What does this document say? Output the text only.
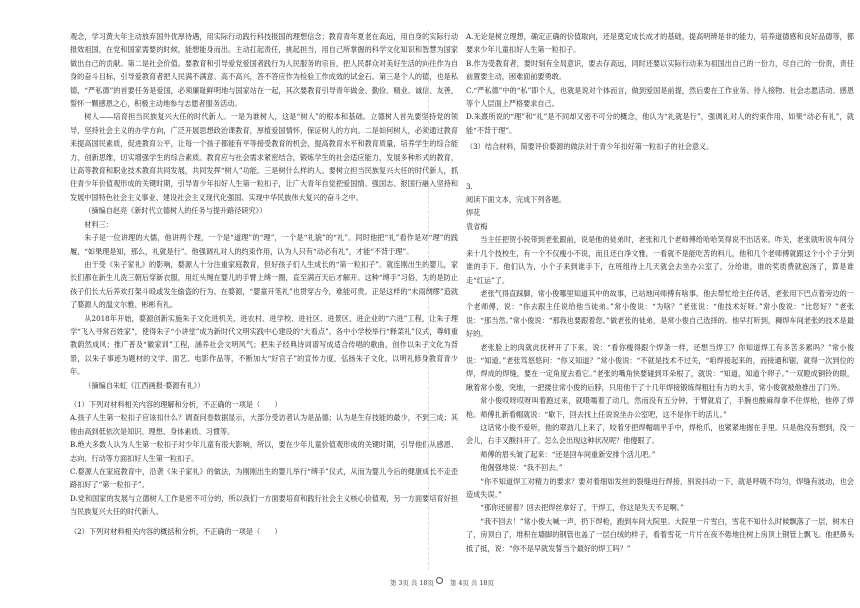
观念，学习黄大年主动放弃国外优厚待遇，用实际行动践行科技报国的理想信念；教育青年夏老在高远，用自身的实际行动报效祖国，在党和国家需要的时候，能想能身而出。主动扛起责任，挑起担当，用自己所掌握的科学文化知识和智慧为国家做出自己的贡献。第二是社会价值。要教育和引导爱党爱国者践行为人民服务的宗旨，把人民群众对美好生活的向往作为自身的奋斗目标，引导爱教育者把人民满不满意、高不高兴，答不答应作为检验工作成效的试金石。第三是个人的德，也是私德，“严私德”的首要任务是爱国，必须廉耻鲜明地与国家站在一起，其次要教育引导青年做金、勤俭、精业、诚信、友善，誓怀一颗感恩之心，积极主动地参与志愿者服务活动。

树人——培育担当民族复兴大任的时代新人。一是为谁树人，这是“树人”的根本和基础。立德树人首先要坚持党的领导，坚持社会主义的办学方向，广泛开展思想政治课教育，厚植爱国情怀，保证树人的方向。二是如何树人，必须通过教育来提高国民素质，促进教育公平，让每一个孩子都能有平等接受教育的机会，提高教育水平和教育质量，培养学生的综合能力、创新思维，切实增强学生的综合素质。教育应与社会需求紧密结合，锻炼学生的社会适应能力，发展多种形式的教育，让高等教育和职业技术教育共同发展，共同发挥“树人”功能。三是树什么样的人。要树立担当民族复兴大任的时代新人，抓住青少年价值观形成的关键时期，引导青少年扣好人生第一粒扣子，让广大青年自觉把爱国情、强国志、报国行融入坚持和发展中国特色社会主义事业、建设社会主义现代化强国、实现中华民族伟大复兴的奋斗之中。

（摘编自赵亮《新时代立德树人的任务与提升路径研究》）

材料三：

朱子是一位讲理的大儒，他讲两个理，一个是“道理”的“理”，一个是“礼貌”的“礼”。同时他把“礼”看作是对“理”的践履，“如果理是知，那么，礼就是行”。他强调礼对人的约束作用，认为人只有“动必有礼”，才能“不背于理”。

由于受《朱子家礼》的影响，婺源人十分注重家庭教育，但好孩子们人生成长的“第一粒扣子”。就连刚出生的婴儿，家长们都在新生儿洗三朝后穿新衣服，用红头绳在婴儿的手臂上缚一圈，直至满百天后才解开。这种“缚手”习俗，为的是防止孩子们长大后养欢打架斗殴或发生偷盗的行为。在婺源，“婴童开笔礼”也贯穿古今，难能可贵。正是这样的“未雨绸缪”造就了婺源人的温文尔雅、彬彬有礼。

从2018年开始，婺源创新实施朱子文化进机关、进农村、进学校、进社区、进景区、进企业的“六进”工程，让朱子理学“飞入寻常百姓家”，使得朱子“小讲堂”成为新时代文明实践中心建设的“大看点”。各中小学校举行“释菜礼”仪式，尊师重教蔚然成风；推广普及“徽家训”工程，涵养社会文明风气；把朱子经典诗词谱写成适合传唱的歌曲，创作以朱子文化为背景，以朱子事迹为题材的文学、面艺、电影作品等，不断加大“好官子”的宣传力度，弘扬朱子文化，以明礼修身教育青少年。

（摘编自朱虹《江西画报·婺源有礼》）

（1）下列对材料相关内容的理解和分析，不正确的一项是（　　）

A.孩子人生第一粒扣子应该扣什么？调查问卷数据显示，大部分受访者认为是品德；认为是生存技能的最少，不到三成；其他由高到低依次是知识、理想、身体素质、习惯等。

B.绝大多数人认为人生第一粒扣子对少年儿童有很大影响，所以，要在少年儿童价值观形成的关键时期，引导他们从感恩、志向、行动等方面扣好人生第一粒扣子。

C.婺源人在家庭教育中，沿袭《朱子家礼》的做法，为刚刚出生的婴儿举行“缚手”仪式，从而为婴儿今后的健康成长不走歪路扣好了“第一粒扣子”。

D.党和国家的发展与立德树人工作是密不可分的，所以我们一方面要培育和践行社会主义核心价值观，另一方面要培育好担当民族复兴大任的时代新人。

（2）下列对材料相关内容的概括和分析，不正确的一项是（　　）

A.无论是树立理想，确定正确的价值取向，还是奠定成长成才的基础，提高明辨是非的能力，培养道德感和良好品德等，都要求少年儿童扣好人生第一粒扣子。

B.作为受教育者，要时刻有全局意识，要去存高远，同时还要以实际行动来为祖国出自己的一份力，尽自己的一份责，责任前置要主动，困难面前要勇敢。

C.“严私德”中的“私”即个人，也就是说对个体而言，做到爱国是前提，然后要在工作业务、待人接物、社会志愿活动、感恩等个人层面上严格要求自己。

D.朱熹所说的“理”和“礼”是不同却又密不可分的概念，他认为“礼就是行”，强调礼对人的约束作用，如果“动必有礼”，就能“不背于理”。

（3）结合材料，简要评价婺源的做法对于青少年扣好第一粒扣子的社会意义。

3.

阅读下面文本，完成下列各题。

焊花

袁省梅

当主任把贺小锐带到老张跟前，说是他的徒弟时，老张和几个老师傅给哈哈笑得说不出话来。咋关，老张就听说车间分来十几个技校生，有一个不仅瘦小不说，而且还白净文雅，一看就不是能吃苦的料儿，他和几个老师傅就跟这个小个子分到谁的手下。他们认为，小个子来到谁手下，在班组待上几天就会去坐办公室了，分给谁，谁的奖质费就泡汤了，算是谁走“红运”了。

老张气得直踩脚，常小俊哪里知道其中的故事，已站地问师傅有啥事。他去帮忙给主任传话，老张用下巴点着旁边的一个老师傅，说：“你去跟主任说给他当徒弟。”常小俊说：“为啥？”老张说：“他技术好呀。”常小俊说：“比您好？”老张说：“那当然。”常小俊说：“那我也要跟着您。”做老张的徒弟，是常小俊自己选择的。他早打听到，狮焊车间老张的技术是最好的。

老张脸上的肉就此抚秤开了下来，说：“看你瘦得跟个焊条一样，还想当焊工？你知道焊工有多苦多累吗？”常小俊说：“知道。”老张笃悠悠问：“你又知道？”常小俊说：“不就是技术不过关，“咱焊接起来的，而接通和锯，就得一次到位的焊，焊成的焊缝，要在一定角度去看它。”老张的嘴角快要碰到耳朵根了，就说：“知道，知道个卵子。”一双瞪成铜铃的眼，瞅着常小俊，突地，一把搂住常小俊的后脖，只用他干了十几年焊接锻炼得粗壮有力的大手，常小俊就被他推出了门外。

常小俊哎呀哎呀叫着跑过来，就嗫嚅着了动几，然而没有五分钟，于臂就肩了，手腕也酸麻得拿不住焊枪，他停了焊枪。师傅扎新看帽就说：“歇下，回去找上任说说坐办公室吧，这不是你干的活儿。”

这话常小俊不爱听，他的翠劲儿上来了，咬着牙把焊帽端平手中，焊枪爪，也紧紧地握在手里。只是他没有想到，没一会儿，右手又酸抖开了。怎么会出现这种状况呢？他傻眼了。

师傅的眉头皱了起来：“还是回车间重新安排个活儿吧。”

他倔强地说：“我不回去。”

“你不知道焊工对精力的要求？要对着细如发丝的裂缝进行焊接，别说抖动一下，就是呼吸不均匀，焊缝有波动，也会造成失误。”

“那你还留着？回去把焊丝拿好了，干焊工，你这是失天不足啊。”

“我不回去！”常小俊大喊一声，扔下焊枪，跑到车间大院里。大院里一片雪白，雪花不知什么时候飘落了一层，树木白了，房顶白了，堆积在墙脚的钢管也盖了一层白绒的样子，看着雪花一片片在夜不倦地往树上房顶上钢管上飘飞。他把鼻头抵了抵，说：“你不是早就发誓当个最好的焊工吗？”

第 3页 共 18页	第 4页 共 18页
